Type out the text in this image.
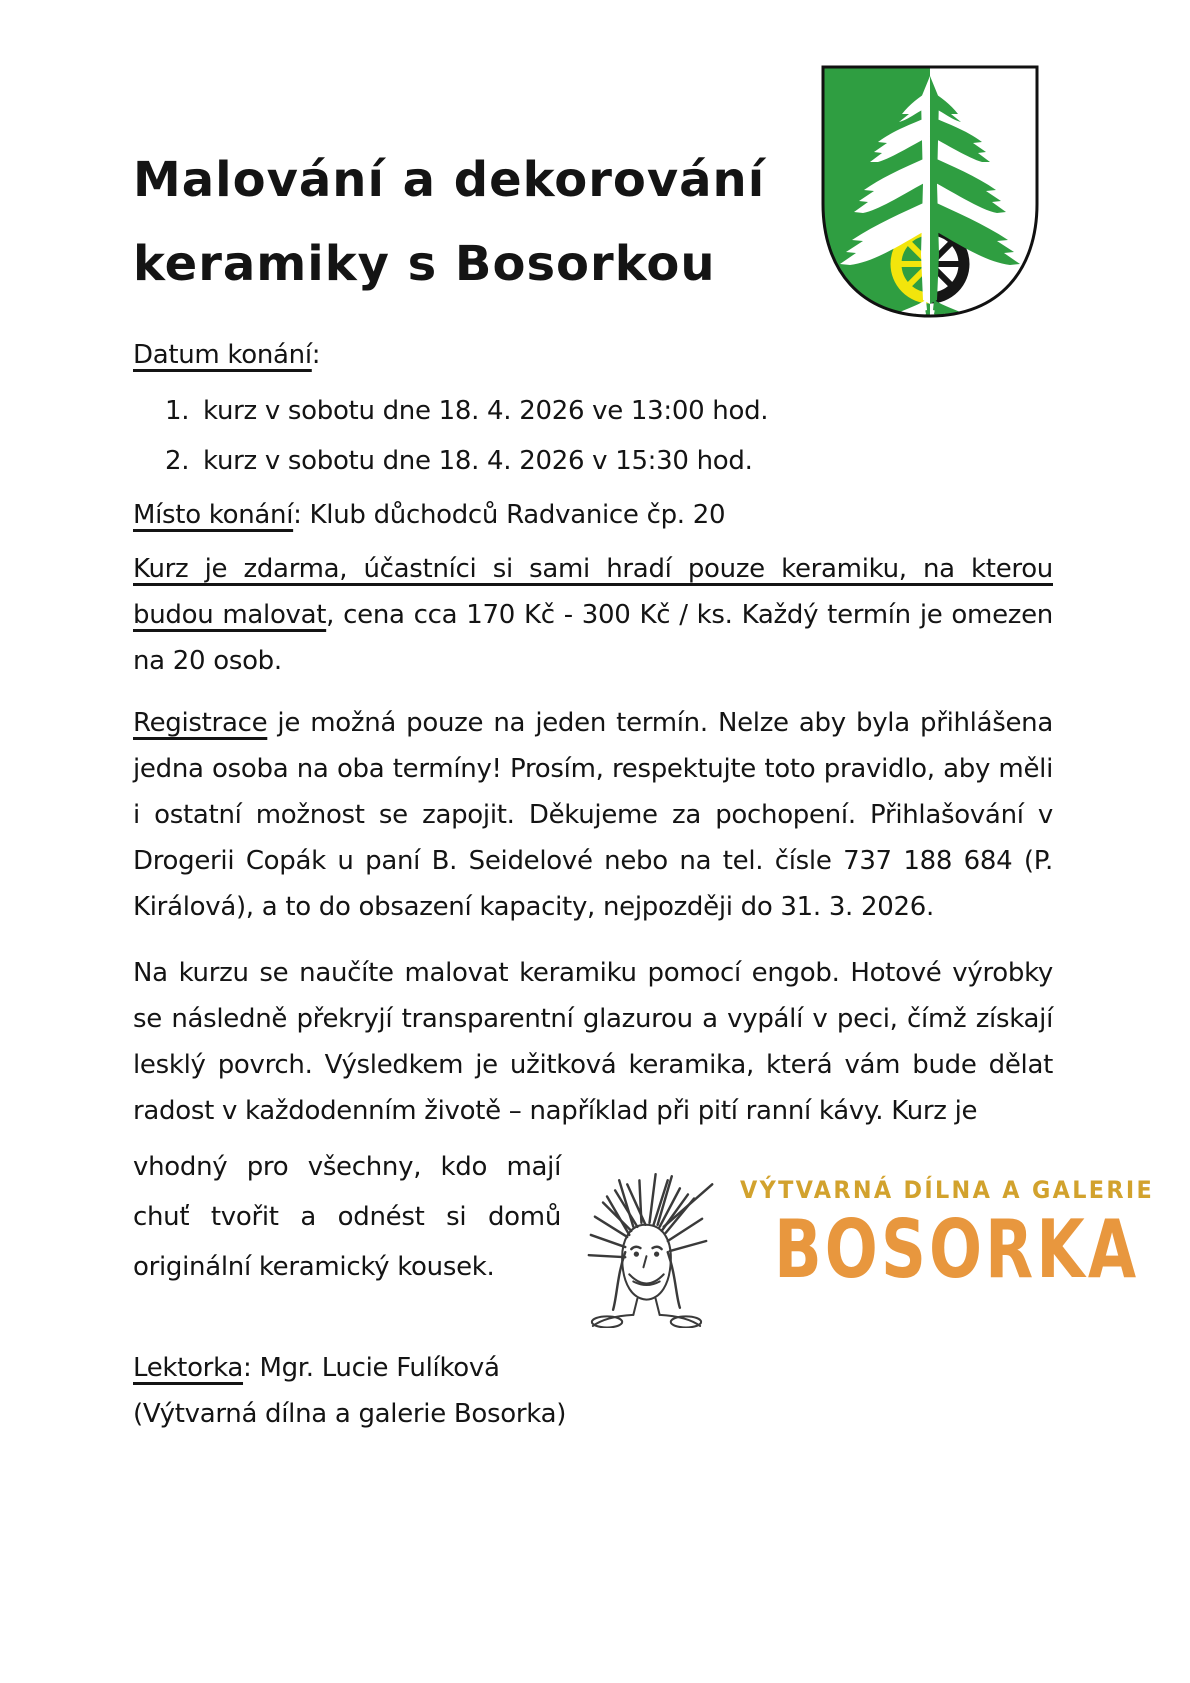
Malování a dekorování
keramiky s Bosorkou
Datum konání:
1. kurz v sobotu dne 18. 4. 2026 ve 13:00 hod.
2. kurz v sobotu dne 18. 4. 2026 v 15:30 hod.
Místo konání: Klub důchodců Radvanice čp. 20
Kurz je zdarma, účastníci si sami hradí pouze keramiku, na kterou budou malovat, cena cca 170 Kč - 300 Kč / ks. Každý termín je omezen na 20 osob.
Registrace je možná pouze na jeden termín. Nelze aby byla přihlášena jedna osoba na oba termíny! Prosím, respektujte toto pravidlo, aby měli i ostatní možnost se zapojit. Děkujeme za pochopení. Přihlašování v Drogerii Copák u paní B. Seidelové nebo na tel. čísle 737 188 684 (P. Királová), a to do obsazení kapacity, nejpozději do 31. 3. 2026.
Na kurzu se naučíte malovat keramiku pomocí engob. Hotové výrobky se následně překryjí transparentní glazurou a vypálí v peci, čímž získají lesklý povrch. Výsledkem je užitková keramika, která vám bude dělat radost v každodenním životě – například při pití ranní kávy. Kurz je
vhodný pro všechny, kdo mají chuť tvořit a odnést si domů originální keramický kousek.
VÝTVARNÁ DÍLNA A GALERIE
BOSORKA
Lektorka: Mgr. Lucie Fulíková
(Výtvarná dílna a galerie Bosorka)
